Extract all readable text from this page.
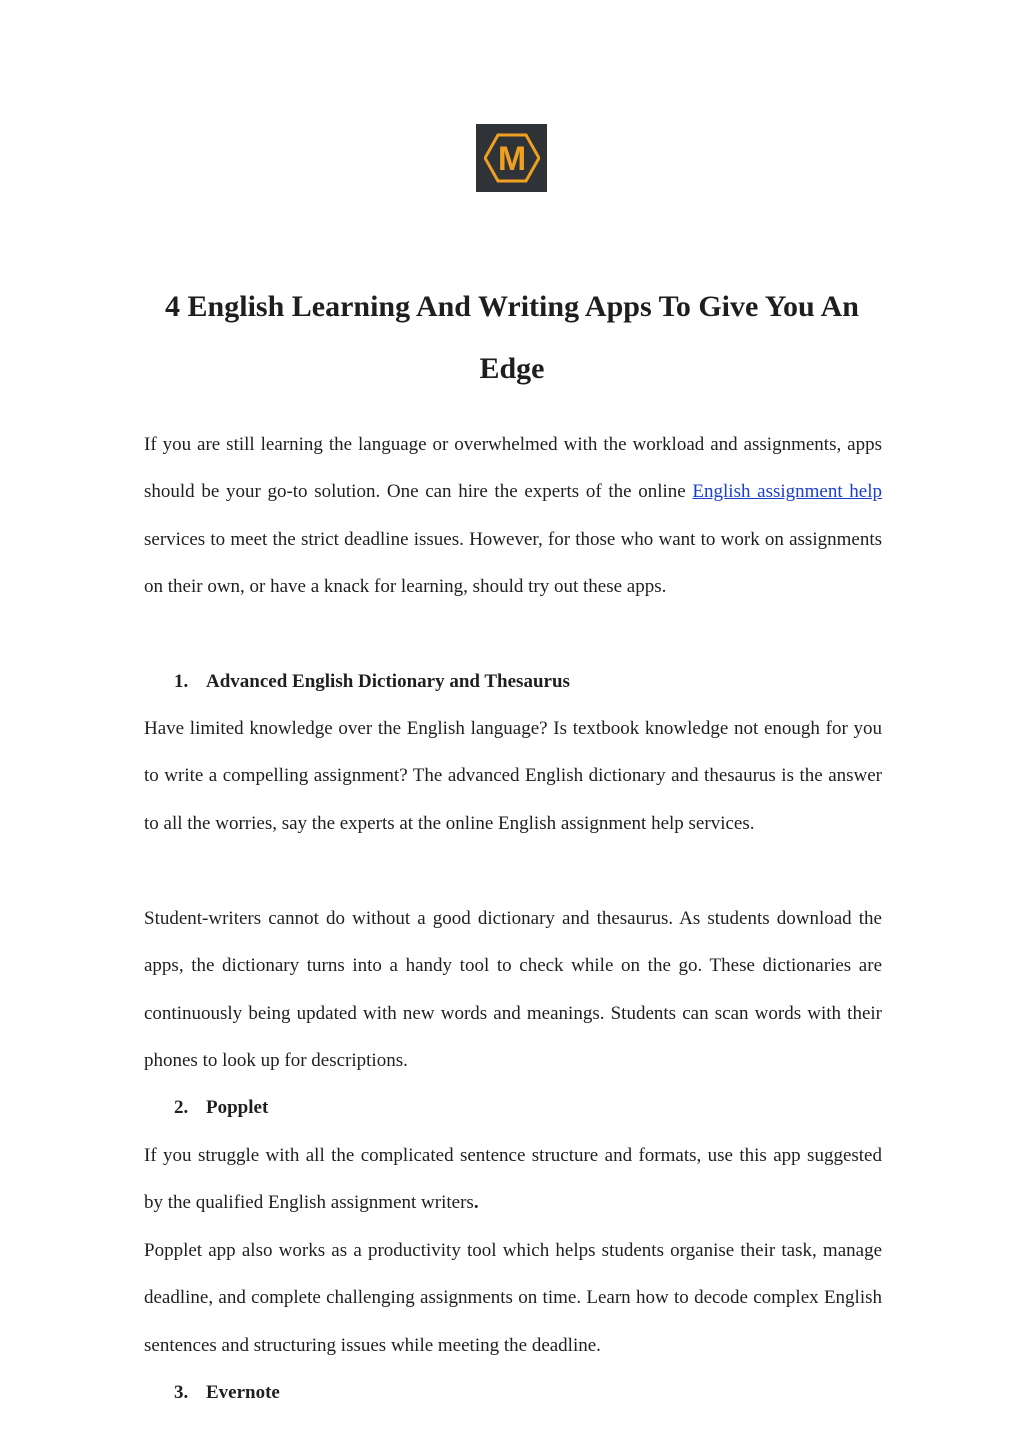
M
4 English Learning And Writing Apps To Give You An
Edge

If you are still learning the language or overwhelmed with the workload and assignments, apps should be your go-to solution. One can hire the experts of the online English assignment help services to meet the strict deadline issues. However, for those who want to work on assignments on their own, or have a knack for learning, should try out these apps.

1. Advanced English Dictionary and Thesaurus

Have limited knowledge over the English language? Is textbook knowledge not enough for you to write a compelling assignment? The advanced English dictionary and thesaurus is the answer to all the worries, say the experts at the online English assignment help services.

Student-writers cannot do without a good dictionary and thesaurus. As students download the apps, the dictionary turns into a handy tool to check while on the go. These dictionaries are continuously being updated with new words and meanings. Students can scan words with their phones to look up for descriptions.

2. Popplet

If you struggle with all the complicated sentence structure and formats, use this app suggested by the qualified English assignment writers.

Popplet app also works as a productivity tool which helps students organise their task, manage deadline, and complete challenging assignments on time. Learn how to decode complex English sentences and structuring issues while meeting the deadline.

3. Evernote
